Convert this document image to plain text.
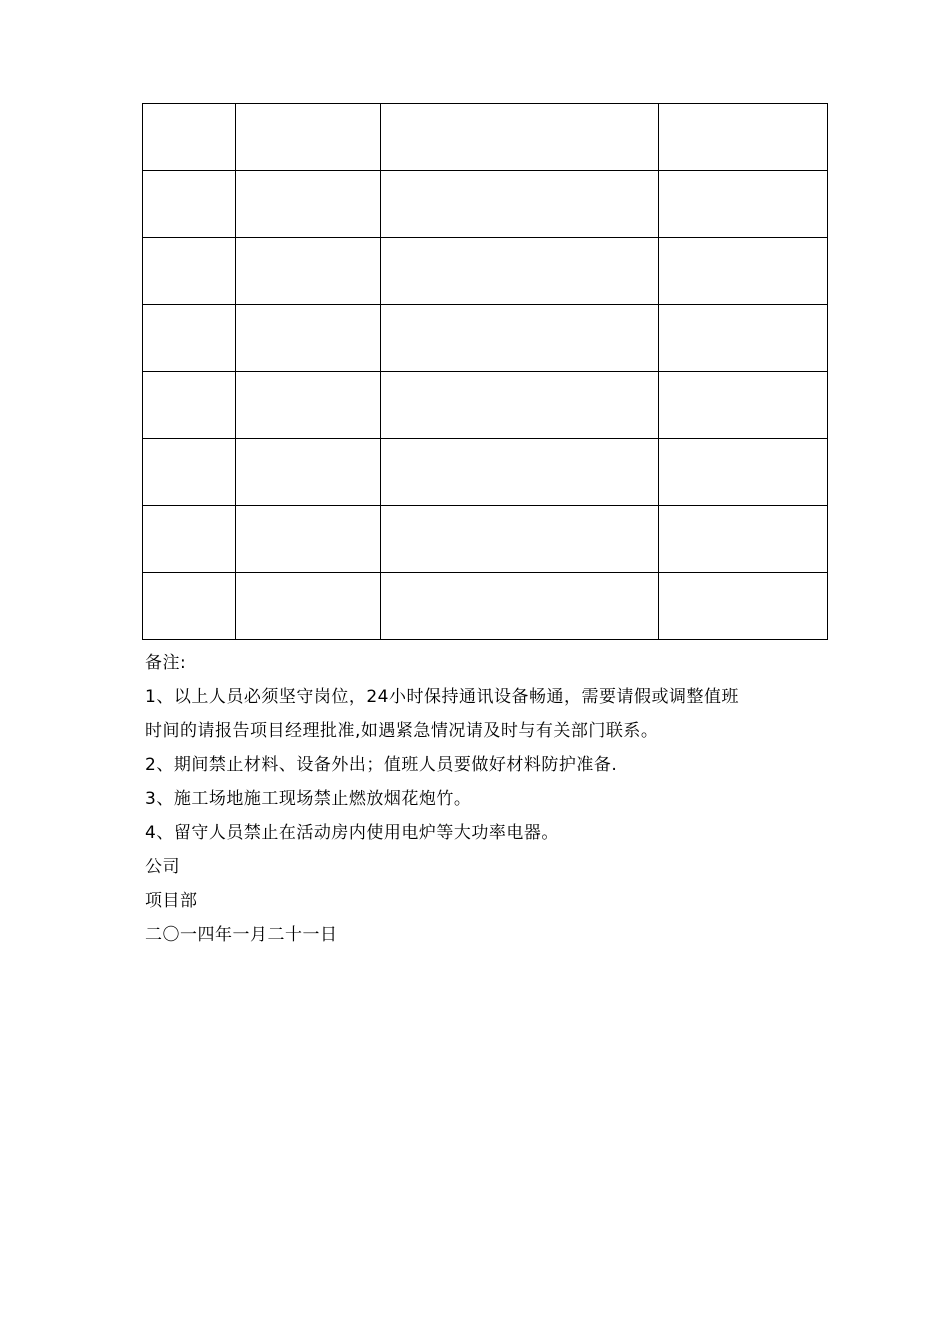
备注:

1、以上人员必须坚守岗位，24小时保持通讯设备畅通，需要请假或调整值班

时间的请报告项目经理批准,如遇紧急情况请及时与有关部门联系。

2、期间禁止材料、设备外出；值班人员要做好材料防护准备.

3、施工场地施工现场禁止燃放烟花炮竹。

4、留守人员禁止在活动房内使用电炉等大功率电器。

公司

项目部

二〇一四年一月二十一日
